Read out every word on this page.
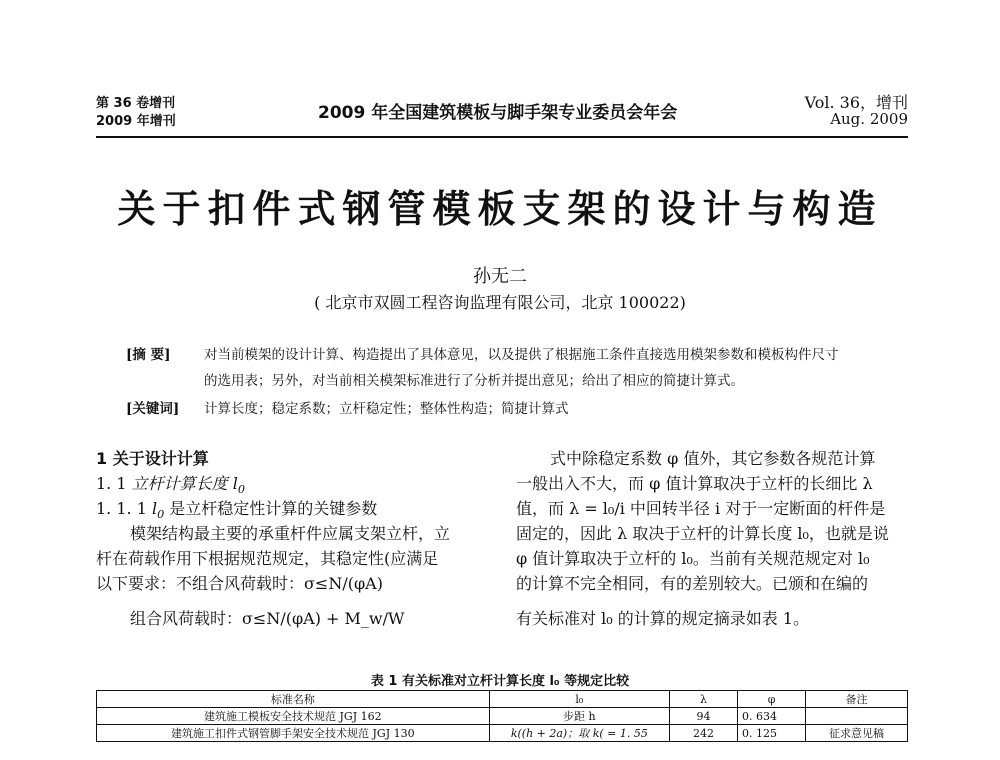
第 36 卷增刊
2009 年增刊	2009 年全国建筑模板与脚手架专业委员会年会
Vol. 36，增刊
Aug. 2009
关于扣件式钢管模板支架的设计与构造
孙无二
( 北京市双圆工程咨询监理有限公司，北京 100022)
[摘 要] 对当前模架的设计计算、构造提出了具体意见，以及提供了根据施工条件直接选用模架参数和模板构件尺寸
的选用表；另外，对当前相关模架标准进行了分析并提出意见；给出了相应的简捷计算式。
[关键词] 计算长度；稳定系数；立杆稳定性；整体性构造；简捷计算式
1 关于设计计算
1. 1 立杆计算长度 $l_0$
1. 1. 1 $l_0$ 是立杆稳定性计算的关键参数
模架结构最主要的承重杆件应属支架立杆，立
杆在荷载作用下根据规范规定，其稳定性(应满足
以下要求：不组合风荷载时：σ≤N/(φA)
组合风荷载时：σ≤N/(φA) + M_w/W
式中除稳定系数 φ 值外，其它参数各规范计算
一般出入不大，而 φ 值计算取决于立杆的长细比 λ
值，而 λ = l₀/i 中回转半径 i 对于一定断面的杆件是
固定的，因此 λ 取决于立杆的计算长度 l₀，也就是说
φ 值计算取决于立杆的 l₀。当前有关规范规定对 l₀
的计算不完全相同，有的差别较大。已颁和在编的
有关标准对 l₀ 的计算的规定摘录如表 1。
表 1 有关标准对立杆计算长度 l₀ 等规定比较
标准名称	l₀	λ	φ	备注
建筑施工模板安全技术规范 JGJ 162	步距 h	94	0. 634	
建筑施工扣件式钢管脚手架安全技术规范 JGJ 130	k((h + 2a)；取 k( = 1. 55	242	0. 125	征求意见稿
